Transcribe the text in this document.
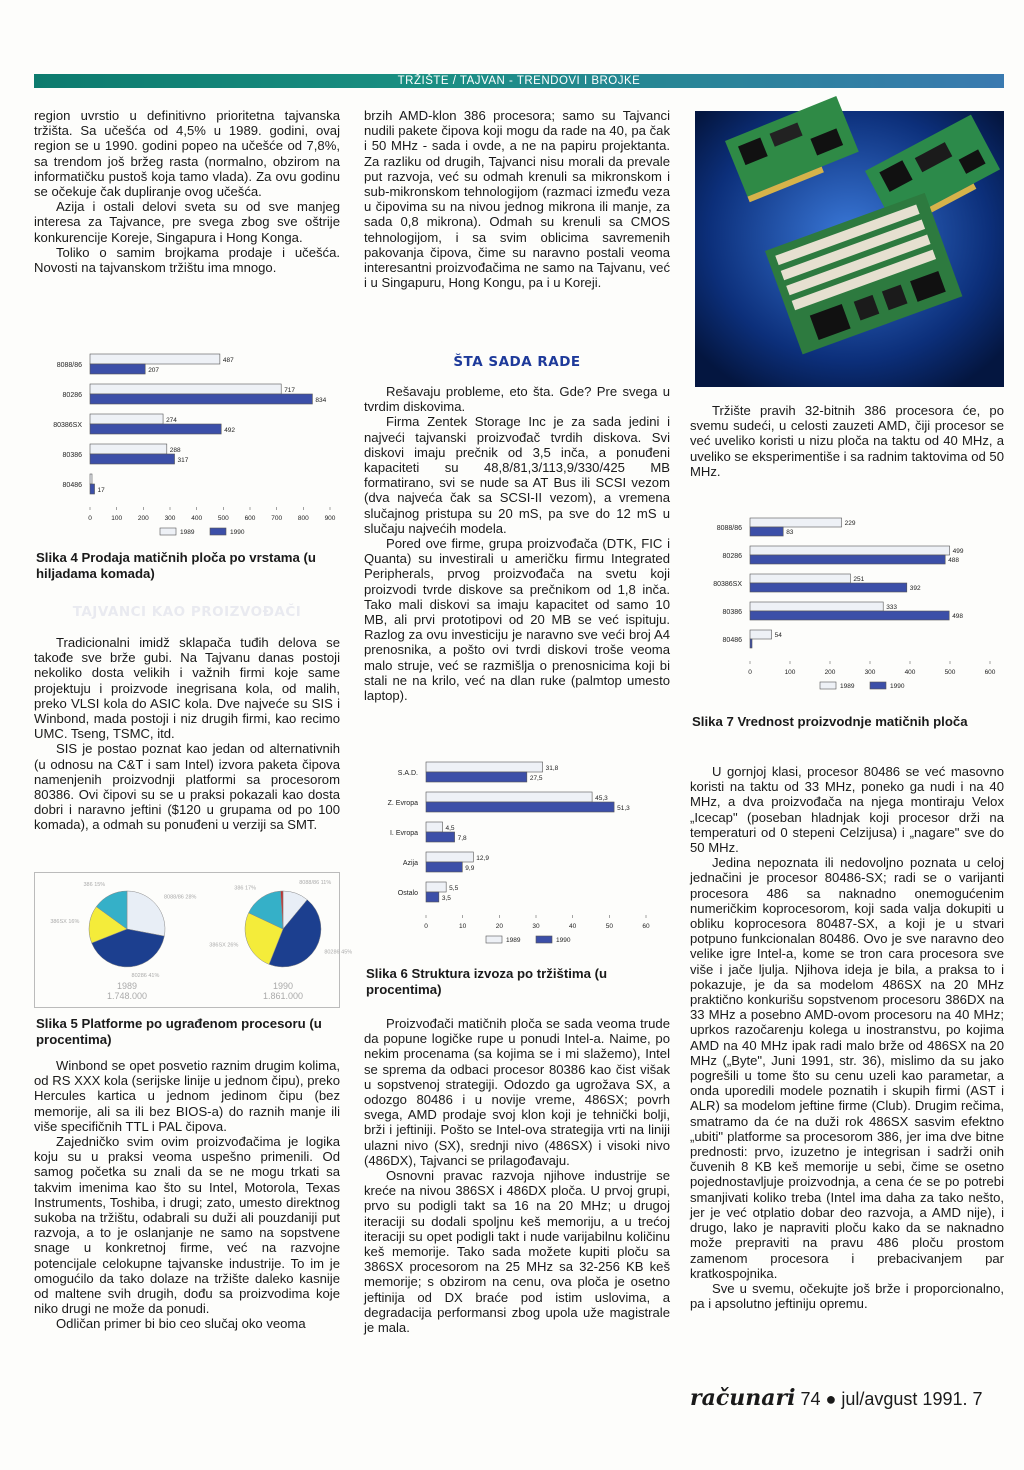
TRŽIŠTE / TAJVAN - TRENDOVI I BROJKE

region uvrstio u definitivno prioritetna tajvanska tržišta. Sa učešća od 4,5% u 1989. godini, ovaj region se u 1990. godini popeo na učešće od 7,8%, sa trendom još bržeg rasta (normalno, obzirom na informatičku pustoš koja tamo vlada). Za ovu godinu se očekuje čak dupliranje ovog učešća.

Azija i ostali delovi sveta su od sve manjeg interesa za Tajvance, pre svega zbog sve oštrije konkurencije Koreje, Singapura i Hong Konga.

Toliko o samim brojkama prodaje i učešća. Novosti na tajvanskom tržištu ima mnogo.

brzih AMD-klon 386 procesora; samo su Tajvanci nudili pakete čipova koji mogu da rade na 40, pa čak i 50 MHz - sada i ovde, a ne na papiru projektanta. Za razliku od drugih, Tajvanci nisu morali da prevale put razvoja, već su odmah krenuli sa mikronskom i sub-mikronskom tehnologijom (razmaci između veza u čipovima su na nivou jednog mikrona ili manje, za sada 0,8 mikrona). Odmah su krenuli sa CMOS tehnologijom, i sa svim oblicima savremenih pakovanja čipova, čime su naravno postali veoma interesantni proizvođačima ne samo na Tajvanu, već i u Singapuru, Hong Kongu, pa i u Koreji.

8088/86
487
207
80286
717
834
80386SX
274
492
80386
288
317
80486
17
0	100 200 300 400 500 600 700 800 900
1989	1990
Slika 4 Prodaja matičnih ploča po vrstama (u hiljadama komada)
TAJVANCI KAO PROIZVOĐAČI

Tradicionalni imidž sklapača tuđih delova se takođe sve brže gubi. Na Tajvanu danas postoji nekoliko dosta velikih i važnih firmi koje same projektuju i proizvode inegrisana kola, od malih, preko VLSI kola do ASIC kola. Dve najveće su SIS i Winbond, mada postoji i niz drugih firmi, kao recimo UMC. Tseng, TSMC, itd.

SIS je postao poznat kao jedan od alternativnih (u odnosu na C&T i sam Intel) izvora paketa čipova namenjenih proizvodnji platformi sa procesorom 80386. Ovi čipovi su se u praksi pokazali kao dosta dobri i naravno jeftini ($120 u grupama od po 100 komada), a odmah su ponuđeni u verziji sa SMT.

8088/86 28%
80286 41%
386SX 16%
386 15%
1989
1.748.000
8088/86 11%
80286 45%
386SX 26%
386 17%
1990
1.861.000
Slika 5 Platforme po ugrađenom procesoru (u procentima)

Winbond se opet posvetio raznim drugim kolima, od RS XXX kola (serijske linije u jednom čipu), preko Hercules kartica u jednom jedinom čipu (bez memorije, ali sa ili bez BIOS-a) do raznih manje ili više specifičnih TTL i PAL čipova.

Zajedničko svim ovim proizvođačima je logika koju su u praksi veoma uspešno primenili. Od samog početka su znali da se ne mogu trkati sa takvim imenima kao što su Intel, Motorola, Texas Instruments, Toshiba, i drugi; zato, umesto direktnog sukoba na tržištu, odabrali su duži ali pouzdaniji put razvoja, a to je oslanjanje ne samo na sopstvene snage u konkretnoj firme, već na razvojne potencijale celokupne tajvanske industrije. To im je omogućilo da tako dolaze na tržište daleko kasnije od maltene svih drugih, dođu sa proizvodima koje niko drugi ne može da ponudi.

Odličan primer bi bio ceo slučaj oko veoma

ŠTA SADA RADE

Rešavaju probleme, eto šta. Gde? Pre svega u tvrdim diskovima.

Firma Zentek Storage Inc je za sada jedini i najveći tajvanski proizvođač tvrdih diskova. Svi diskovi imaju prečnik od 3,5 inča, a ponuđeni kapaciteti su 48,8/81,3/113,9/330/425 MB formatirano, svi se nude sa AT Bus ili SCSI vezom (dva najveća čak sa SCSI-II vezom), a vremena slučajnog pristupa su 20 mS, pa sve do 12 mS u slučaju najvećih modela.

Pored ove firme, grupa proizvođača (DTK, FIC i Quanta) su investirali u američku firmu Integrated Peripherals, prvog proizvođača na svetu koji proizvodi tvrde diskove sa prečnikom od 1,8 inča. Tako mali diskovi sa imaju kapacitet od samo 10 MB, ali prvi prototipovi od 20 MB se već ispituju. Razlog za ovu investiciju je naravno sve veći broj A4 prenosnika, a pošto ovi tvrdi diskovi troše veoma malo struje, već se razmišlja o prenosnicima koji bi stali ne na krilo, već na dlan ruke (palmtop umesto laptop).

S.A.D.
31,8
27,5
Z. Evropa
45,3
51,3
I. Evropa
4,5
7,8
Azija
12,9
9,9
Ostalo
5,5
3,5
0	10	20	30	40	50	60
1989	1990
Slika 6 Struktura izvoza po tržištima (u procentima)

Proizvođači matičnih ploča se sada veoma trude da popune logičke rupe u ponudi Intel-a. Naime, po nekim procenama (sa kojima se i mi slažemo), Intel se sprema da odbaci procesor 80386 kao čist višak u sopstvenoj strategiji. Odozdo ga ugrožava SX, a odozgo 80486 i u novije vreme, 486SX; povrh svega, AMD prodaje svoj klon koji je tehnički bolji, brži i jeftiniji. Pošto se Intel-ova strategija vrti na liniji ulazni nivo (SX), srednji nivo (486SX) i visoki nivo (486DX), Tajvanci se prilagođavaju.

Osnovni pravac razvoja njihove industrije se kreće na nivou 386SX i 486DX ploča. U prvoj grupi, prvo su podigli takt sa 16 na 20 MHz; u drugoj iteraciji su dodali spoljnu keš memoriju, a u trećoj iteraciji su opet podigli takt i nude varijabilnu količinu keš memorije. Tako sada možete kupiti ploču sa 386SX procesorom na 25 MHz sa 32-256 KB keš memorije; s obzirom na cenu, ova ploča je osetno jeftinija od DX braće pod istim uslovima, a degradacija performansi zbog upola uže magistrale je mala.

Tržište pravih 32-bitnih 386 procesora će, po svemu sudeći, u celosti zauzeti AMD, čiji procesor se već uveliko koristi u nizu ploča na taktu od 40 MHz, a uveliko se eksperimentiše i sa radnim taktovima od 50 MHz.

8088/86
229
83
80286
499
488
80386SX
251
392
80386
333
498
80486
54
0	100	200	300	400	500	600
1989	1990
Slika 7 Vrednost proizvodnje matičnih ploča

U gornjoj klasi, procesor 80486 se već masovno koristi na taktu od 33 MHz, poneko ga nudi i na 40 MHz, a dva proizvođača na njega montiraju Velox „Icecap" (poseban hladnjak koji procesor drži na temperaturi od 0 stepeni Celzijusa) i „nagare" sve do 50 MHz.

Jedina nepoznata ili nedovoljno poznata u celoj jednačini je procesor 80486-SX; radi se o varijanti procesora 486 sa naknadno onemogućenim numeričkim koprocesorom, koji sada valja dokupiti u obliku koprocesora 80487-SX, a koji je u stvari potpuno funkcionalan 80486. Ovo je sve naravno deo velike igre Intel-a, kome se tron cara procesora sve više i jače ljulja. Njihova ideja je bila, a praksa to i pokazuje, je da sa modelom 486SX na 20 MHz praktično konkurišu sopstvenom procesoru 386DX na 33 MHz a posebno AMD-ovom procesoru na 40 MHz; uprkos razočarenju kolega u inostranstvu, po kojima AMD na 40 MHz ipak radi malo brže od 486SX na 20 MHz („Byte", Juni 1991, str. 36), mislimo da su jako pogrešili u tome što su cenu uzeli kao parametar, a onda uporedili modele poznatih i skupih firmi (AST i ALR) sa modelom jeftine firme (Club). Drugim rečima, smatramo da će na duži rok 486SX sasvim efektno „ubiti" platforme sa procesorom 386, jer ima dve bitne prednosti: prvo, izuzetno je integrisan i sadrži onih čuvenih 8 KB keš memorije u sebi, čime se osetno pojednostavljuje proizvodnja, a cena će se po potrebi smanjivati koliko treba (Intel ima daha za tako nešto, jer je već otplatio dobar deo razvoja, a AMD nije), i drugo, lako je napraviti ploču kako da se naknadno može prepraviti na pravu 486 ploču prostom zamenom procesora i prebacivanjem par kratkospojnika.

Sve u svemu, očekujte još brže i proporcionalno, pa i apsolutno jeftiniju opremu.

računari 74 ● jul/avgust 1991. 7
